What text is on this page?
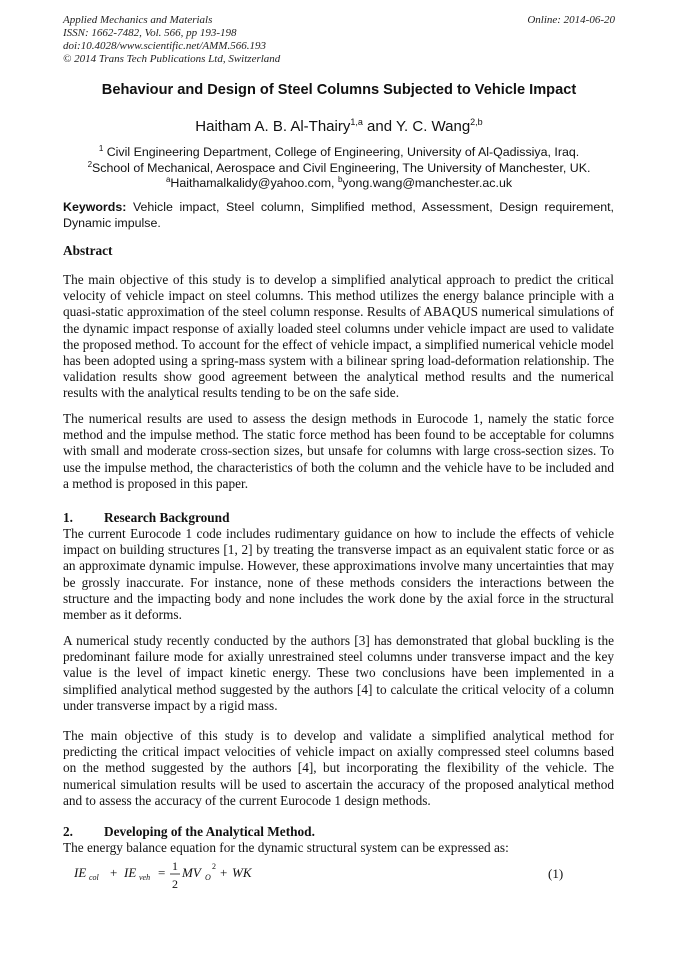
Applied Mechanics and Materials
ISSN: 1662-7482, Vol. 566, pp 193-198
doi:10.4028/www.scientific.net/AMM.566.193
© 2014 Trans Tech Publications Ltd, Switzerland
Online: 2014-06-20
Behaviour and Design of Steel Columns Subjected to Vehicle Impact
Haitham A. B. Al-Thairy$^{1,a}$ and Y. C. Wang$^{2,b}$
$^1$ Civil Engineering Department, College of Engineering, University of Al-Qadissiya, Iraq.
$^2$School of Mechanical, Aerospace and Civil Engineering, The University of Manchester, UK.
$^a$Haithamalkalidy@yahoo.com, $^b$yong.wang@manchester.ac.uk
Keywords: Vehicle impact, Steel column, Simplified method, Assessment, Design requirement, Dynamic impulse.
Abstract

The main objective of this study is to develop a simplified analytical approach to predict the critical velocity of vehicle impact on steel columns. This method utilizes the energy balance principle with a quasi-static approximation of the steel column response. Results of ABAQUS numerical simulations of the dynamic impact response of axially loaded steel columns under vehicle impact are used to validate the proposed method. To account for the effect of vehicle impact, a simplified numerical vehicle model has been adopted using a spring-mass system with a bilinear spring load-deformation relationship. The validation results show good agreement between the analytical method results and the numerical results with the analytical results tending to be on the safe side.

The numerical results are used to assess the design methods in Eurocode 1, namely the static force method and the impulse method. The static force method has been found to be acceptable for columns with small and moderate cross-section sizes, but unsafe for columns with large cross-section sizes. To use the impulse method, the characteristics of both the column and the vehicle have to be included and a method is proposed in this paper.

1. Research Background

The current Eurocode 1 code includes rudimentary guidance on how to include the effects of vehicle impact on building structures [1, 2] by treating the transverse impact as an equivalent static force or as an approximate dynamic impulse. However, these approximations involve many uncertainties that may be grossly inaccurate. For instance, none of these methods considers the interactions between the structure and the impacting body and none includes the work done by the axial force in the structural member as it deforms.

A numerical study recently conducted by the authors [3] has demonstrated that global buckling is the predominant failure mode for axially unrestrained steel columns under transverse impact and the key value is the level of impact kinetic energy. These two conclusions have been implemented in a simplified analytical method suggested by the authors [4] to calculate the critical velocity of a column under transverse impact by a rigid mass.

The main objective of this study is to develop and validate a simplified analytical method for predicting the critical impact velocities of vehicle impact on axially compressed steel columns based on the method suggested by the authors [4], but incorporating the flexibility of the vehicle. The numerical simulation results will be used to ascertain the accuracy of the proposed analytical method and to assess the accuracy of the current Eurocode 1 design methods.

2. Developing of the Analytical Method.

The energy balance equation for the dynamic structural system can be expressed as:

IE col + IE veh = 1
2
MV O
2 + WK	(1)
